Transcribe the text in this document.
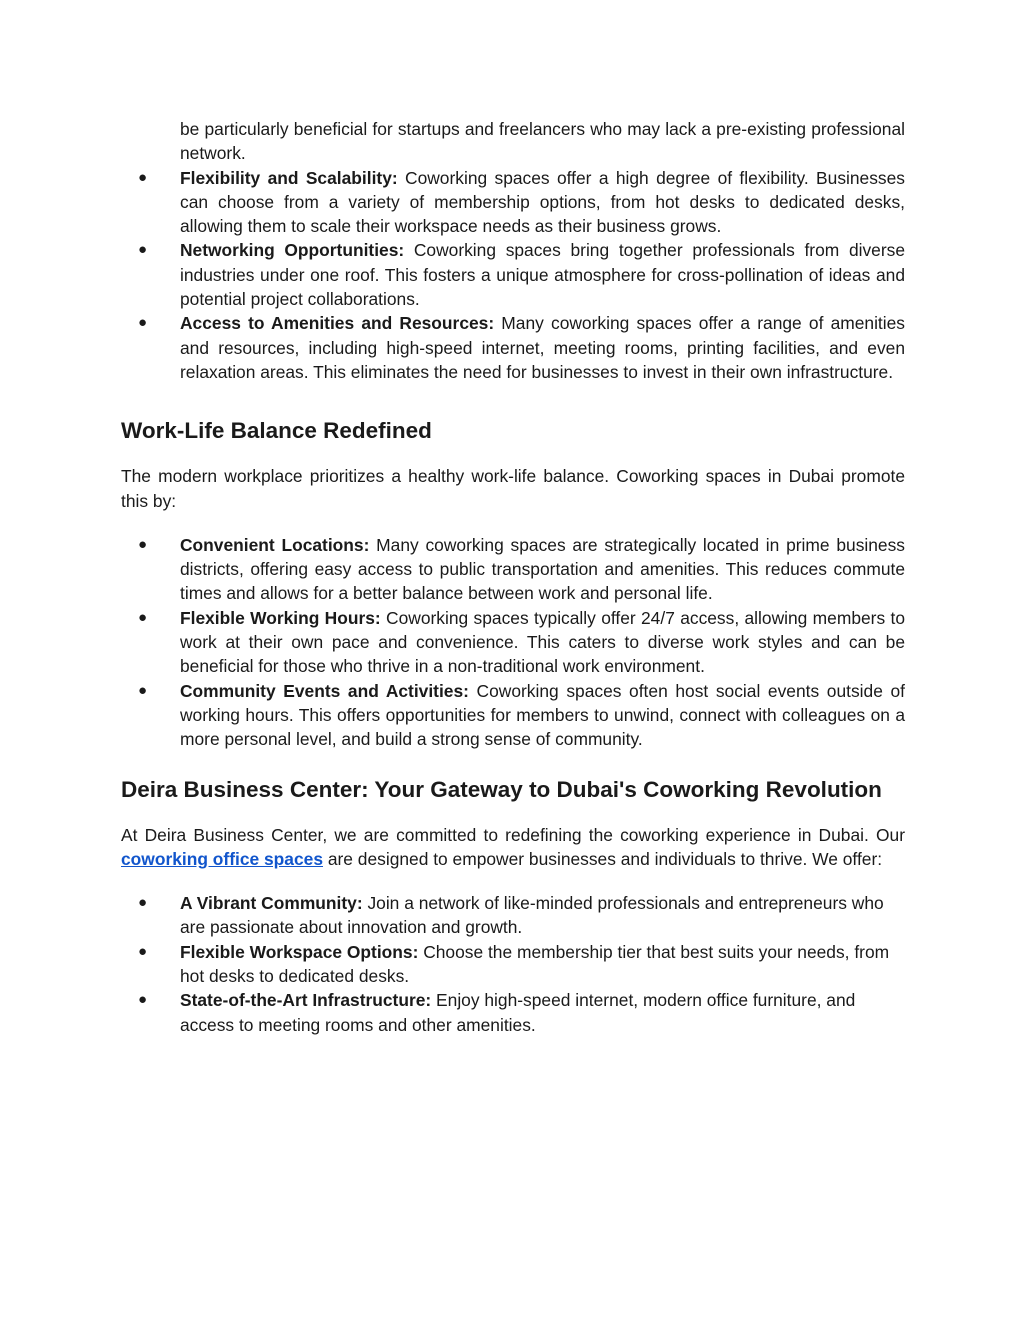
be particularly beneficial for startups and freelancers who may lack a pre-existing professional network.

● Flexibility and Scalability: Coworking spaces offer a high degree of flexibility. Businesses can choose from a variety of membership options, from hot desks to dedicated desks, allowing them to scale their workspace needs as their business grows.
● Networking Opportunities: Coworking spaces bring together professionals from diverse industries under one roof. This fosters a unique atmosphere for cross-pollination of ideas and potential project collaborations.
● Access to Amenities and Resources: Many coworking spaces offer a range of amenities and resources, including high-speed internet, meeting rooms, printing facilities, and even relaxation areas. This eliminates the need for businesses to invest in their own infrastructure.
Work-Life Balance Redefined

The modern workplace prioritizes a healthy work-life balance. Coworking spaces in Dubai promote this by:

● Convenient Locations: Many coworking spaces are strategically located in prime business districts, offering easy access to public transportation and amenities. This reduces commute times and allows for a better balance between work and personal life.
● Flexible Working Hours: Coworking spaces typically offer 24/7 access, allowing members to work at their own pace and convenience. This caters to diverse work styles and can be beneficial for those who thrive in a non-traditional work environment.
● Community Events and Activities: Coworking spaces often host social events outside of working hours. This offers opportunities for members to unwind, connect with colleagues on a more personal level, and build a strong sense of community.
Deira Business Center: Your Gateway to Dubai's Coworking Revolution

At Deira Business Center, we are committed to redefining the coworking experience in Dubai. Our coworking office spaces are designed to empower businesses and individuals to thrive. We offer:

● A Vibrant Community: Join a network of like-minded professionals and entrepreneurs who are passionate about innovation and growth.
● Flexible Workspace Options: Choose the membership tier that best suits your needs, from hot desks to dedicated desks.
● State-of-the-Art Infrastructure: Enjoy high-speed internet, modern office furniture, and access to meeting rooms and other amenities.
